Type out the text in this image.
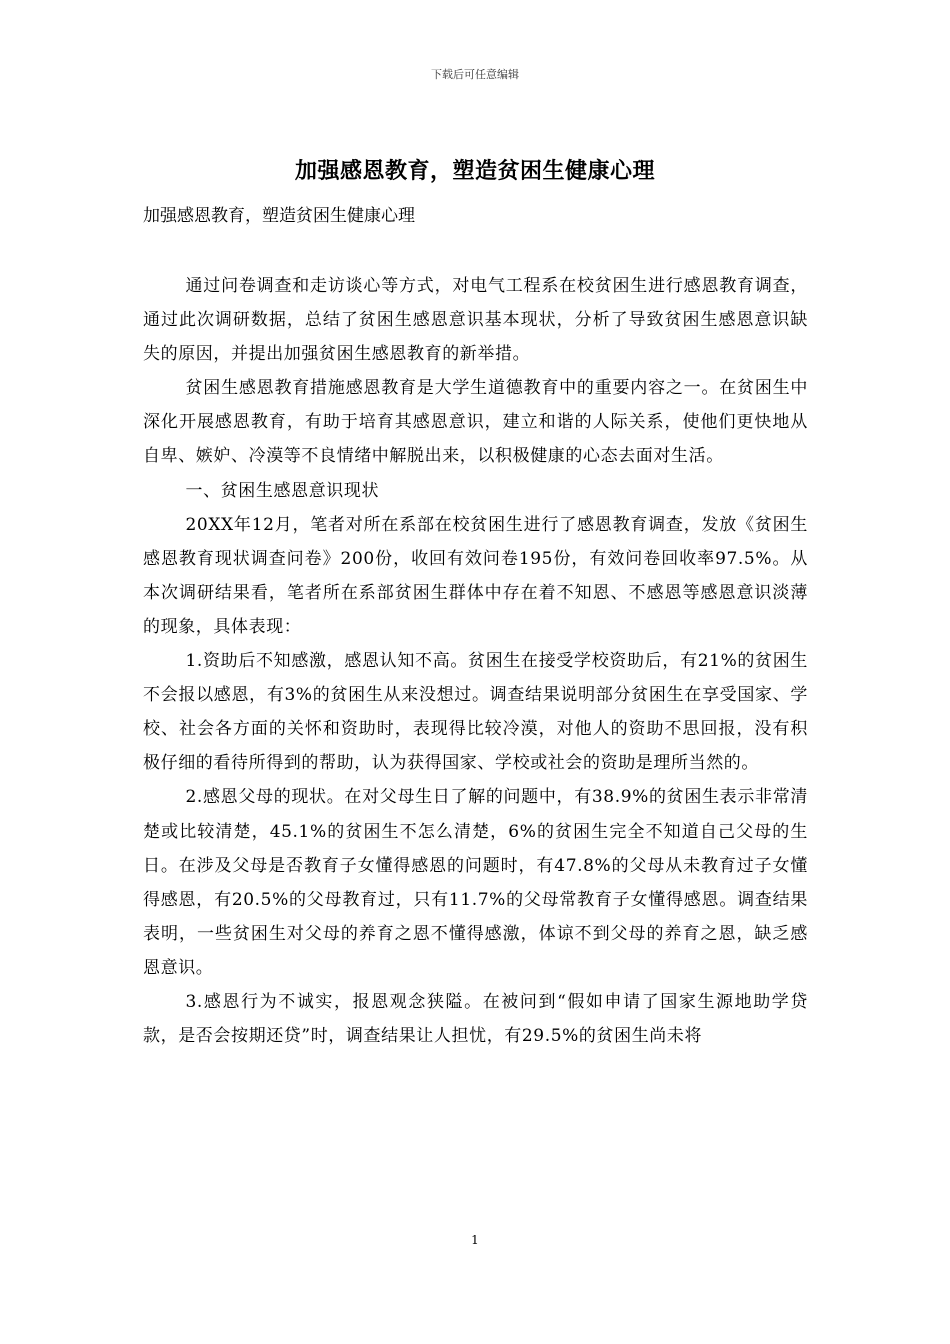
下载后可任意编辑
加强感恩教育，塑造贫困生健康心理

加强感恩教育，塑造贫困生健康心理

通过问卷调查和走访谈心等方式，对电气工程系在校贫困生进行感恩教育调查，通过此次调研数据，总结了贫困生感恩意识基本现状，分析了导致贫困生感恩意识缺失的原因，并提出加强贫困生感恩教育的新举措。

贫困生感恩教育措施感恩教育是大学生道德教育中的重要内容之一。在贫困生中深化开展感恩教育，有助于培育其感恩意识，建立和谐的人际关系，使他们更快地从自卑、嫉妒、冷漠等不良情绪中解脱出来，以积极健康的心态去面对生活。

一、贫困生感恩意识现状

20XX年12月，笔者对所在系部在校贫困生进行了感恩教育调查，发放《贫困生感恩教育现状调查问卷》200份，收回有效问卷195份，有效问卷回收率97.5%。从本次调研结果看，笔者所在系部贫困生群体中存在着不知恩、不感恩等感恩意识淡薄的现象，具体表现：

1.资助后不知感激，感恩认知不高。贫困生在接受学校资助后，有21%的贫困生不会报以感恩，有3%的贫困生从来没想过。调查结果说明部分贫困生在享受国家、学校、社会各方面的关怀和资助时，表现得比较冷漠，对他人的资助不思回报，没有积极仔细的看待所得到的帮助，认为获得国家、学校或社会的资助是理所当然的。

2.感恩父母的现状。在对父母生日了解的问题中，有38.9%的贫困生表示非常清楚或比较清楚，45.1%的贫困生不怎么清楚，6%的贫困生完全不知道自己父母的生日。在涉及父母是否教育子女懂得感恩的问题时，有47.8%的父母从未教育过子女懂得感恩，有20.5%的父母教育过，只有11.7%的父母常教育子女懂得感恩。调查结果表明，一些贫困生对父母的养育之恩不懂得感激，体谅不到父母的养育之恩，缺乏感恩意识。

3.感恩行为不诚实，报恩观念狭隘。在被问到“假如申请了国家生源地助学贷款，是否会按期还贷”时，调查结果让人担忧，有29.5%的贫困生尚未将

1
